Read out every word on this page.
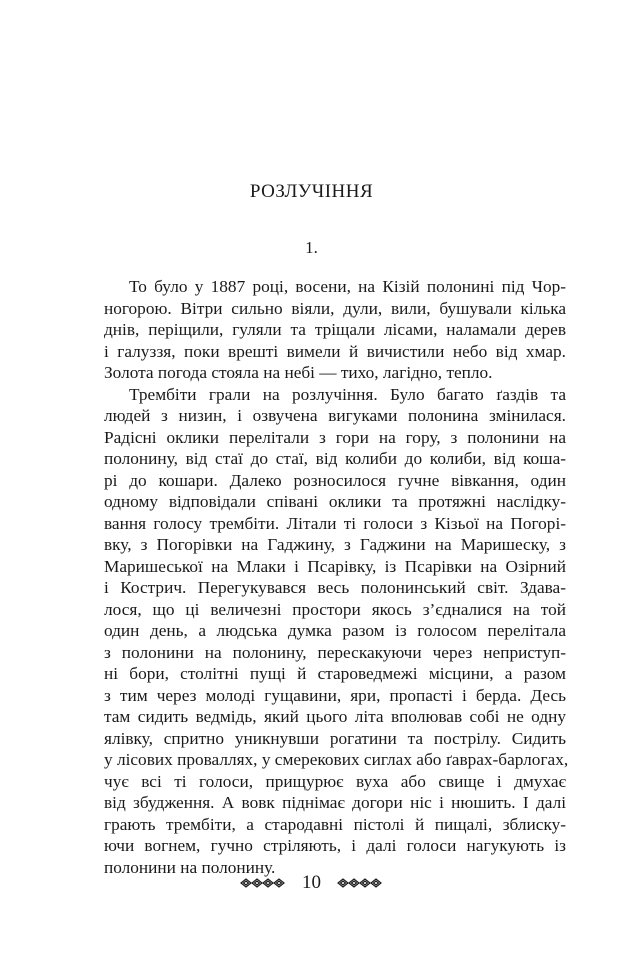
РОЗЛУЧІННЯ
1.
То було у 1887 році, восени, на Кізій полонині під Чор-
ногорою. Вітри сильно віяли, дули, вили, бушували кілька
днів, періщили, гуляли та тріщали лісами, наламали дерев
і галуззя, поки врешті вимели й вичистили небо від хмар.
Золота погода стояла на небі — тихо, лагідно, тепло.
Трембіти грали на розлучіння. Було багато ґаздів та
людей з низин, і озвучена вигуками полонина змінилася.
Радісні оклики перелітали з гори на гору, з полонини на
полонину, від стаї до стаї, від колиби до колиби, від коша-
рі до кошари. Далеко розносилося гучне вівкання, один
одному відповідали співані оклики та протяжні наслідку-
вання голосу трембіти. Літали ті голоси з Кізьої на Погорі-
вку, з Погорівки на Гаджину, з Гаджини на Маришеску, з
Маришеської на Млаки і Псарівку, із Псарівки на Озірний
і Кострич. Перегукувався весь полонинський світ. Здава-
лося, що ці величезні простори якось з’єдналися на той
один день, а людська думка разом із голосом перелітала
з полонини на полонину, перескакуючи через неприступ-
ні бори, столітні пущі й староведмежі місцини, а разом
з тим через молоді гущавини, яри, пропасті і берда. Десь
там сидить ведмідь, який цього літа вполював собі не одну
ялівку, спритно уникнувши рогатини та пострілу. Сидить
у лісових проваллях, у смерекових сиглах або ґаврах-барлогах,
чує всі ті голоси, прищурює вуха або свище і дмухає
від збудження. А вовк піднімає догори ніс і нюшить. І далі
грають трембіти, а стародавні пістолі й пищалі, зблиску-
ючи вогнем, гучно стріляють, і далі голоси нагукують із
полонини на полонину.
10
